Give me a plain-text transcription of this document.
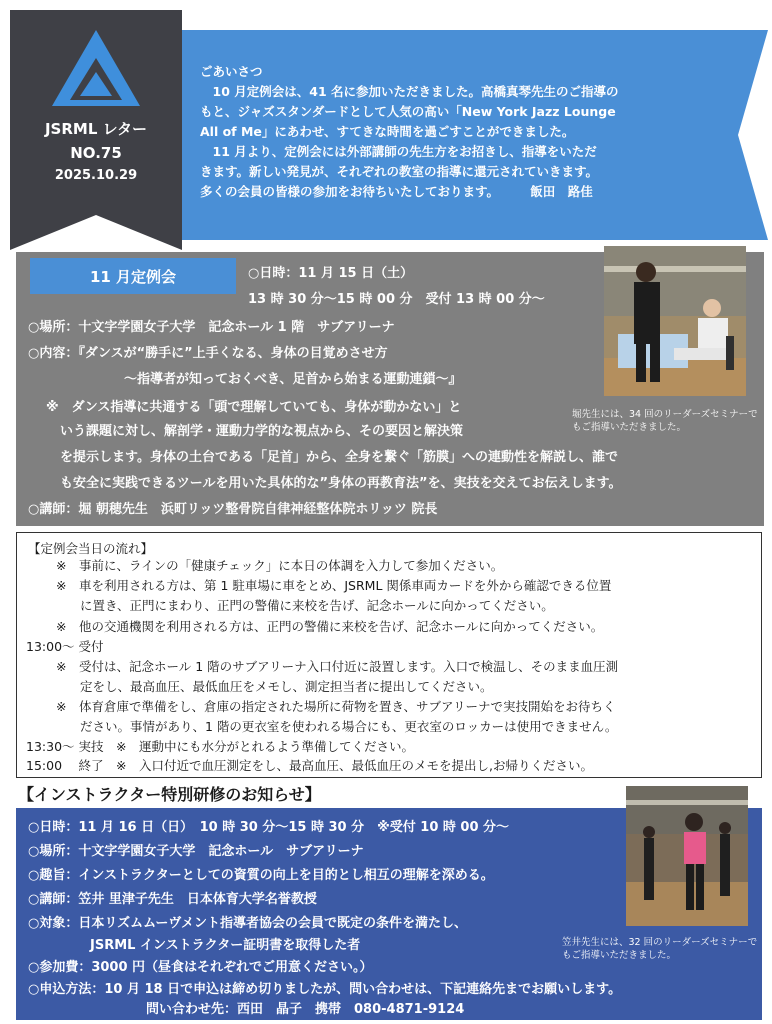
JSRML レター
NO.75
2025.10.29

ごあいさつ

　10 月定例会は、41 名に参加いただきました。高橋真琴先生のご指導の

もと、ジャズスタンダードとして人気の高い「New York Jazz Lounge

All of Me」にあわせ、すてきな時間を過ごすことができました。

　11 月より、定例会には外部講師の先生方をお招きし、指導をいただ

きます。新しい発見が、それぞれの教室の指導に還元されていきます。

多くの会員の皆様の参加をお待ちいたしております。　　　飯田　路佳

11 月定例会	○日時：11 月 15 日（土）
13 時 30 分〜15 時 00 分　受付 13 時 00 分〜
○場所：十文字学園女子大学　記念ホール 1 階　サブアリーナ
○内容：『ダンスが“勝手に”上手くなる、身体の目覚めさせ方
〜指導者が知っておくべき、足首から始まる運動連鎖〜』
※　ダンス指導に共通する「頭で理解していても、身体が動かない」と
いう課題に対し、解剖学・運動力学的な視点から、その要因と解決策
を提示します。身体の土台である「足首」から、全身を繋ぐ「筋膜」への連動性を解説し、誰で
も安全に実践できるツールを用いた具体的な”身体の再教育法”を、実技を交えてお伝えします。
○講師：堀 朝穂先生　浜町リッツ整骨院自律神経整体院ホリッツ 院長
堀先生には、34 回のリーダーズセミナーでもご指導いただきました。
【定例会当日の流れ】
※　事前に、ラインの「健康チェック」に本日の体調を入力して参加ください。
※　車を利用される方は、第 1 駐車場に車をとめ、JSRML 関係車両カードを外から確認できる位置
に置き、正門にまわり、正門の警備に来校を告げ、記念ホールに向かってください。
※　他の交通機関を利用される方は、正門の警備に来校を告げ、記念ホールに向かってください。
13:00〜 受付
※　受付は、記念ホール 1 階のサブアリーナ入口付近に設置します。入口で検温し、そのまま血圧測
定をし、最高血圧、最低血圧をメモし、測定担当者に提出してください。
※　体育倉庫で準備をし、倉庫の指定された場所に荷物を置き、サブアリーナで実技開始をお待ちく
ださい。事情があり、1 階の更衣室を使われる場合にも、更衣室のロッカーは使用できません。
13:30〜 実技　※　運動中にも水分がとれるよう準備してください。
15:00　 終了　※　入口付近で血圧測定をし、最高血圧、最低血圧のメモを提出し,お帰りください。
【インストラクター特別研修のお知らせ】
○日時：11 月 16 日（日）　10 時 30 分〜15 時 30 分　※受付 10 時 00 分〜
○場所：十文字学園女子大学　記念ホール　サブアリーナ
○趣旨：インストラクターとしての資質の向上を目的とし相互の理解を深める。
○講師：笠井 里津子先生　日本体育大学名誉教授
○対象：日本リズムムーヴメント指導者協会の会員で既定の条件を満たし、
JSRML インストラクター証明書を取得した者
○参加費：3000 円（昼食はそれぞれでご用意ください。）
○申込方法：10 月 18 日で申込は締め切りましたが、問い合わせは、下記連絡先までお願いします。
問い合わせ先：西田　晶子　携帯　080-4871-9124
笠井先生には、32 回のリーダーズセミナーでもご指導いただきました。
